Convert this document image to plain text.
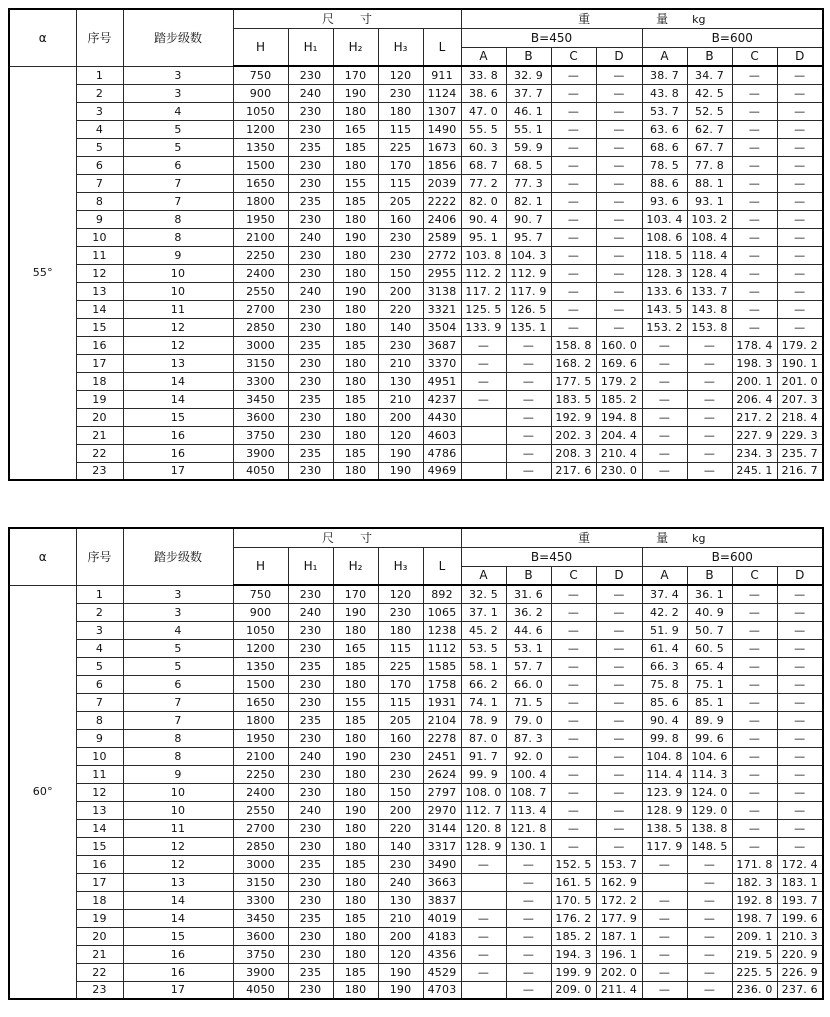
α	序号	踏步级数	尺 寸					重 量 kg							
			H	H₁	H₂	H₃	L	B=450				B=600			
								A	B	C	D	A	B	C	D
55°	1	3	750	230	170	120	911	33. 8	32. 9	—	—	38. 7	34. 7	—	—
	2	3	900	240	190	230	1124	38. 6	37. 7	—	—	43. 8	42. 5	—	—
	3	4	1050	230	180	180	1307	47. 0	46. 1	—	—	53. 7	52. 5	—	—
	4	5	1200	230	165	115	1490	55. 5	55. 1	—	—	63. 6	62. 7	—	—
	5	5	1350	235	185	225	1673	60. 3	59. 9	—	—	68. 6	67. 7	—	—
	6	6	1500	230	180	170	1856	68. 7	68. 5	—	—	78. 5	77. 8	—	—
	7	7	1650	230	155	115	2039	77. 2	77. 3	—	—	88. 6	88. 1	—	—
	8	7	1800	235	185	205	2222	82. 0	82. 1	—	—	93. 6	93. 1	—	—
	9	8	1950	230	180	160	2406	90. 4	90. 7	—	—	103. 4	103. 2	—	—
	10	8	2100	240	190	230	2589	95. 1	95. 7	—	—	108. 6	108. 4	—	—
	11	9	2250	230	180	230	2772	103. 8	104. 3	—	—	118. 5	118. 4	—	—
	12	10	2400	230	180	150	2955	112. 2	112. 9	—	—	128. 3	128. 4	—	—
	13	10	2550	240	190	200	3138	117. 2	117. 9	—	—	133. 6	133. 7	—	—
	14	11	2700	230	180	220	3321	125. 5	126. 5	—	—	143. 5	143. 8	—	—
	15	12	2850	230	180	140	3504	133. 9	135. 1	—	—	153. 2	153. 8	—	—
	16	12	3000	235	185	230	3687	—	—	158. 8	160. 0	—	—	178. 4	179. 2
	17	13	3150	230	180	210	3370	—	—	168. 2	169. 6	—	—	198. 3	190. 1
	18	14	3300	230	180	130	4951	—	—	177. 5	179. 2	—	—	200. 1	201. 0
	19	14	3450	235	185	210	4237	—	—	183. 5	185. 2	—	—	206. 4	207. 3
	20	15	3600	230	180	200	4430		—	192. 9	194. 8	—	—	217. 2	218. 4
	21	16	3750	230	180	120	4603		—	202. 3	204. 4	—	—	227. 9	229. 3
	22	16	3900	235	185	190	4786		—	208. 3	210. 4	—	—	234. 3	235. 7
	23	17	4050	230	180	190	4969		—	217. 6	230. 0	—	—	245. 1	216. 7
α	序号	踏步级数	尺 寸					重 量 kg							
			H	H₁	H₂	H₃	L	B=450				B=600			
								A	B	C	D	A	B	C	D
60°	1	3	750	230	170	120	892	32. 5	31. 6	—	—	37. 4	36. 1	—	—
	2	3	900	240	190	230	1065	37. 1	36. 2	—	—	42. 2	40. 9	—	—
	3	4	1050	230	180	180	1238	45. 2	44. 6	—	—	51. 9	50. 7	—	—
	4	5	1200	230	165	115	1112	53. 5	53. 1	—	—	61. 4	60. 5	—	—
	5	5	1350	235	185	225	1585	58. 1	57. 7	—	—	66. 3	65. 4	—	—
	6	6	1500	230	180	170	1758	66. 2	66. 0	—	—	75. 8	75. 1	—	—
	7	7	1650	230	155	115	1931	74. 1	71. 5	—	—	85. 6	85. 1	—	—
	8	7	1800	235	185	205	2104	78. 9	79. 0	—	—	90. 4	89. 9	—	—
	9	8	1950	230	180	160	2278	87. 0	87. 3	—	—	99. 8	99. 6	—	—
	10	8	2100	240	190	230	2451	91. 7	92. 0	—	—	104. 8	104. 6	—	—
	11	9	2250	230	180	230	2624	99. 9	100. 4	—	—	114. 4	114. 3	—	—
	12	10	2400	230	180	150	2797	108. 0	108. 7	—	—	123. 9	124. 0	—	—
	13	10	2550	240	190	200	2970	112. 7	113. 4	—	—	128. 9	129. 0	—	—
	14	11	2700	230	180	220	3144	120. 8	121. 8	—	—	138. 5	138. 8	—	—
	15	12	2850	230	180	140	3317	128. 9	130. 1	—	—	117. 9	148. 5	—	—
	16	12	3000	235	185	230	3490	—	—	152. 5	153. 7	—	—	171. 8	172. 4
	17	13	3150	230	180	240	3663		—	161. 5	162. 9		—	182. 3	183. 1
	18	14	3300	230	180	130	3837		—	170. 5	172. 2	—	—	192. 8	193. 7
	19	14	3450	235	185	210	4019	—	—	176. 2	177. 9	—	—	198. 7	199. 6
	20	15	3600	230	180	200	4183	—	—	185. 2	187. 1	—	—	209. 1	210. 3
	21	16	3750	230	180	120	4356	—	—	194. 3	196. 1	—	—	219. 5	220. 9
	22	16	3900	235	185	190	4529	—	—	199. 9	202. 0	—	—	225. 5	226. 9
	23	17	4050	230	180	190	4703		—	209. 0	211. 4	—	—	236. 0	237. 6
